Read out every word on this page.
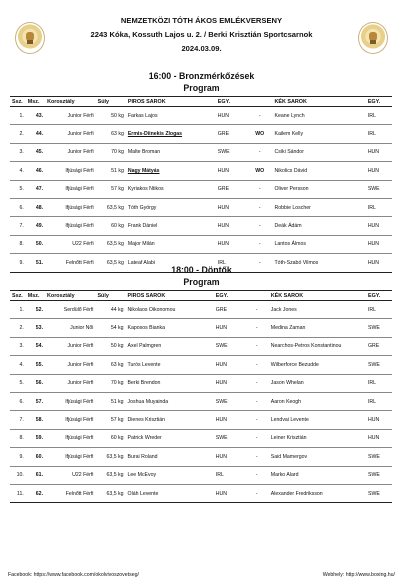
NEMZETKÖZI TÓTH ÁKOS EMLÉKVERSENY
2243 Kóka, Kossuth Lajos u. 2. / Berki Krisztián Sportcsarnok
2024.03.09.
16:00 - Bronzmérkőzések
Program
Ssz.	Msz.	Korosztály	Súly	PIROS SAROK	EGY.		KÉK SAROK	EGY.
1.	43.	Junior Férfi	50 kg	Farkas Lajos	HUN	-	Keane Lynch	IRL
2.	44.	Junior Férfi	63 kg	Ermis-Diinekis Zlogas	GRE	WO	Kailem Kelly	IRL
3.	45.	Junior Férfi	70 kg	Malte Broman	SWE	-	Csiki Sándor	HUN
4.	46.	Ifjúsági Férfi	51 kg	Nagy Mátyás	HUN	WO	Nikolics Dávid	HUN
5.	47.	Ifjúsági Férfi	57 kg	Kyriakos Ntikos	GRE	-	Oliver Persson	SWE
6.	48.	Ifjúsági Férfi	63,5 kg	Tóth György	HUN	-	Robbie Loscher	IRL
7.	49.	Ifjúsági Férfi	60 kg	Frank Dániel	HUN	-	Deák Ádám	HUN
8.	50.	U22 Férfi	63,5 kg	Major Milán	HUN	-	Lantos Álmos	HUN
9.	51.	Felnőtt Férfi	63,5 kg	Lateaf Alabi	IRL	-	Tóth-Szabó Vilmos	HUN
18:00 - Döntők
Program
Ssz.	Msz.	Korosztály	Súly	PIROS SAROK	EGY.		KÉK SAROK	EGY.
1.	52.	Serdülő Férfi	44 kg	Nikolaos Oikonomou	GRE	-	Jack Jones	IRL
2.	53.	Junior Női	54 kg	Kaposos Bianka	HUN	-	Medina Zaman	SWE
3.	54.	Junior Férfi	50 kg	Axel Palmgren	SWE	-	Nearchos-Petros Konstantinou	GRE
4.	55.	Junior Férfi	63 kg	Turós Levente	HUN	-	Wilberforce Bezudde	SWE
5.	56.	Junior Férfi	70 kg	Berki Brendon	HUN	-	Jason Whelan	IRL
6.	57.	Ifjúsági Férfi	51 kg	Joshua Muyainda	SWE	-	Aaron Keogh	IRL
7.	58.	Ifjúsági Férfi	57 kg	Dienes Krisztián	HUN	-	Lendvai Levente	HUN
8.	59.	Ifjúsági Férfi	60 kg	Patrick Wreder	SWE	-	Leiner Krisztián	HUN
9.	60.	Ifjúsági Férfi	63,5 kg	Burai Roland	HUN	-	Said Mamergov	SWE
10.	61.	U22 Férfi	63,5 kg	Lee McEvoy	IRL	-	Marko Alard	SWE
11.	62.	Felnőtt Férfi	63,5 kg	Oláh Levente	HUN	-	Alexander Fredriksson	SWE
Facebook: https://www.facebook.com/okolvivoszovetseg/	Webhely: http://www.boxing.hu/
